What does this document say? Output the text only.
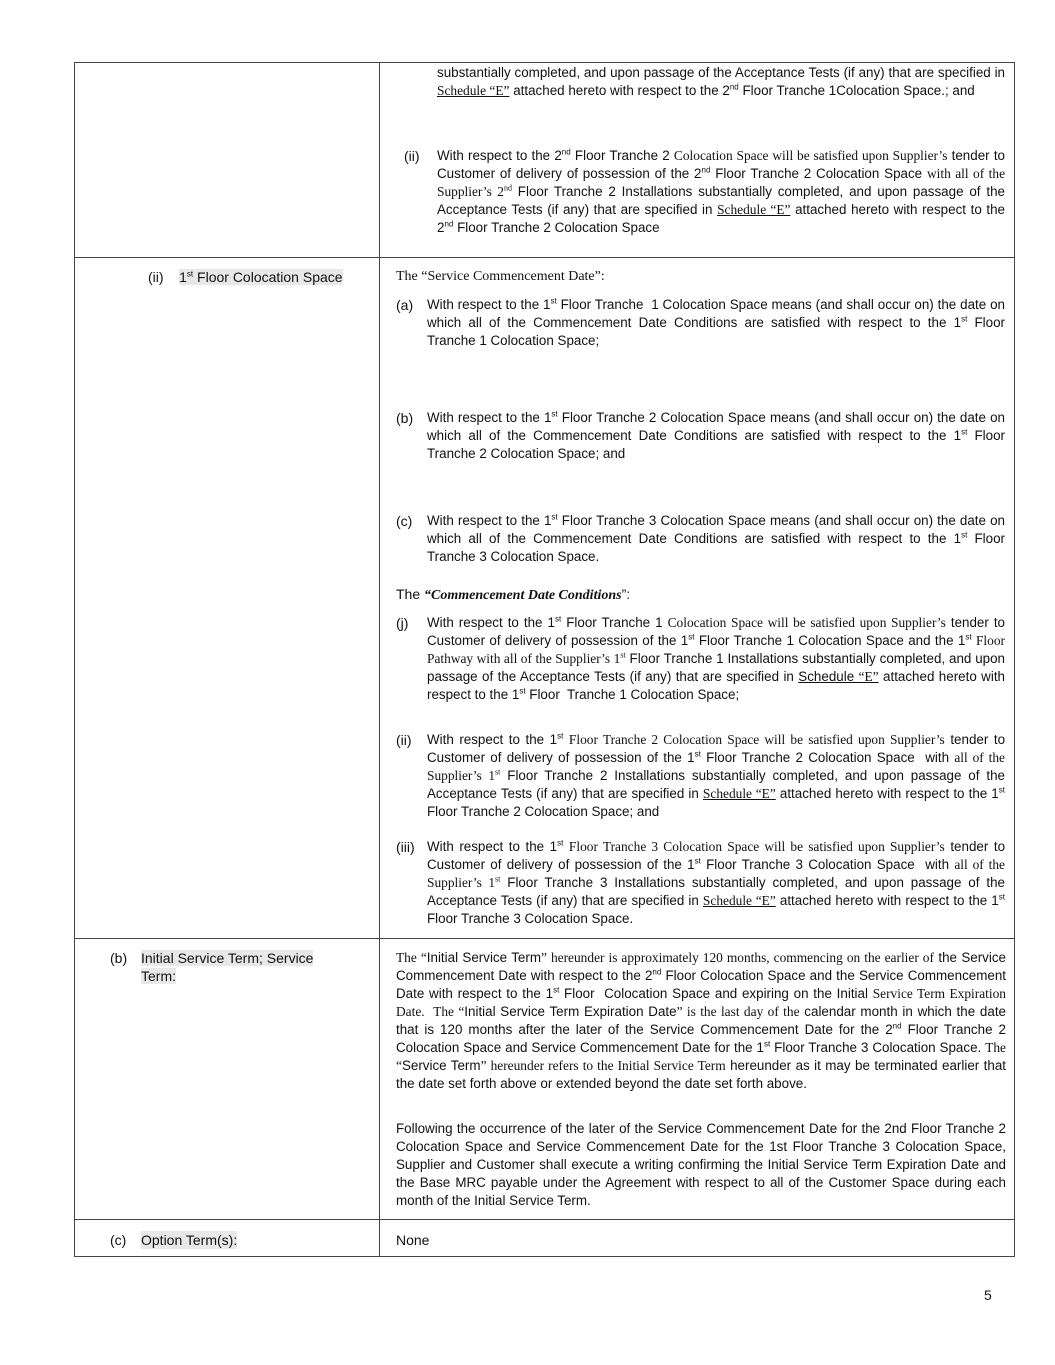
substantially completed, and upon passage of the Acceptance Tests (if any) that are specified in Schedule “E” attached hereto with respect to the 2nd Floor Tranche 1Colocation Space.; and
(ii) With respect to the 2nd Floor Tranche 2 Colocation Space will be satisfied upon Supplier’s tender to Customer of delivery of possession of the 2nd Floor Tranche 2 Colocation Space with all of the Supplier’s 2nd Floor Tranche 2 Installations substantially completed, and upon passage of the Acceptance Tests (if any) that are specified in Schedule “E” attached hereto with respect to the 2nd Floor Tranche 2 Colocation Space
(ii) 1st Floor Colocation Space	The “Service Commencement Date”:
(a) With respect to the 1st Floor Tranche  1 Colocation Space means (and shall occur on) the date on which all of the Commencement Date Conditions are satisfied with respect to the 1st Floor Tranche 1 Colocation Space;
(b) With respect to the 1st Floor Tranche 2 Colocation Space means (and shall occur on) the date on which all of the Commencement Date Conditions are satisfied with respect to the 1st Floor Tranche 2 Colocation Space; and
(c) With respect to the 1st Floor Tranche 3 Colocation Space means (and shall occur on) the date on which all of the Commencement Date Conditions are satisfied with respect to the 1st Floor Tranche 3 Colocation Space.
The “Commencement Date Conditions”:
(j) With respect to the 1st Floor Tranche 1 Colocation Space will be satisfied upon Supplier’s tender to Customer of delivery of possession of the 1st Floor Tranche 1 Colocation Space and the 1st Floor Pathway with all of the Supplier’s 1st Floor Tranche 1 Installations substantially completed, and upon passage of the Acceptance Tests (if any) that are specified in Schedule “E” attached hereto with respect to the 1st Floor  Tranche 1 Colocation Space;
(ii) With respect to the 1st Floor Tranche 2 Colocation Space will be satisfied upon Supplier’s tender to Customer of delivery of possession of the 1st Floor Tranche 2 Colocation Space  with all of the Supplier’s 1st Floor Tranche 2 Installations substantially completed, and upon passage of the Acceptance Tests (if any) that are specified in Schedule “E” attached hereto with respect to the 1st Floor Tranche 2 Colocation Space; and
(iii) With respect to the 1st Floor Tranche 3 Colocation Space will be satisfied upon Supplier’s tender to Customer of delivery of possession of the 1st Floor Tranche 3 Colocation Space  with all of the Supplier’s 1st Floor Tranche 3 Installations substantially completed, and upon passage of the Acceptance Tests (if any) that are specified in Schedule “E” attached hereto with respect to the 1st Floor Tranche 3 Colocation Space.
(b) Initial Service Term; Service
Term:
The “Initial Service Term” hereunder is approximately 120 months, commencing on the earlier of the Service Commencement Date with respect to the 2nd Floor Colocation Space and the Service Commencement Date with respect to the 1st Floor  Colocation Space and expiring on the Initial Service Term Expiration Date.  The “Initial Service Term Expiration Date” is the last day of the calendar month in which the date that is 120 months after the later of the Service Commencement Date for the 2nd Floor Tranche 2 Colocation Space and Service Commencement Date for the 1st Floor Tranche 3 Colocation Space. The “Service Term” hereunder refers to the Initial Service Term hereunder as it may be terminated earlier that the date set forth above or extended beyond the date set forth above.
Following the occurrence of the later of the Service Commencement Date for the 2nd Floor Tranche 2 Colocation Space and Service Commencement Date for the 1st Floor Tranche 3 Colocation Space, Supplier and Customer shall execute a writing confirming the Initial Service Term Expiration Date and the Base MRC payable under the Agreement with respect to all of the Customer Space during each month of the Initial Service Term.
(c) Option Term(s):	None
5
